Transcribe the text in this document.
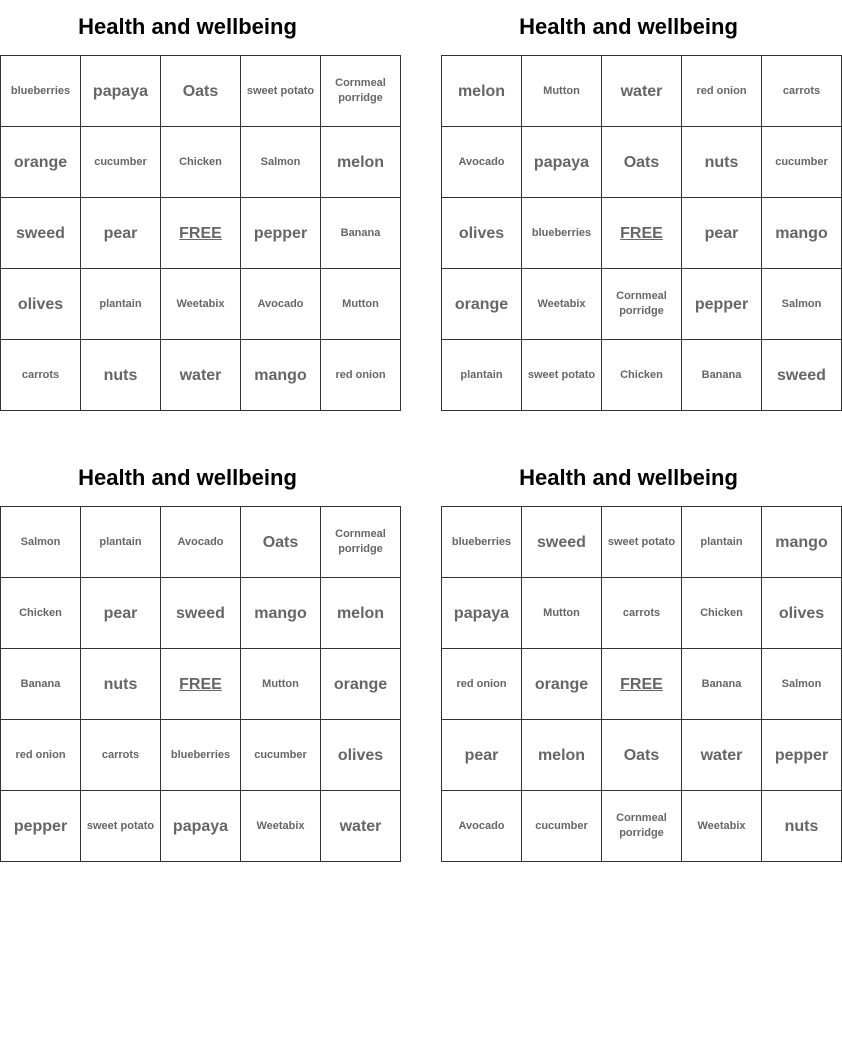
Health and wellbeing
blueberries	papaya	Oats	sweet potato	Cornmeal porridge
orange	cucumber	Chicken	Salmon	melon
sweed	pear	FREE	pepper	Banana
olives	plantain	Weetabix	Avocado	Mutton
carrots	nuts	water	mango	red onion
Health and wellbeing
melon	Mutton	water	red onion	carrots
Avocado	papaya	Oats	nuts	cucumber
olives	blueberries	FREE	pear	mango
orange	Weetabix	Cornmeal porridge	pepper	Salmon
plantain	sweet potato	Chicken	Banana	sweed
Health and wellbeing
Salmon	plantain	Avocado	Oats	Cornmeal porridge
Chicken	pear	sweed	mango	melon
Banana	nuts	FREE	Mutton	orange
red onion	carrots	blueberries	cucumber	olives
pepper	sweet potato	papaya	Weetabix	water
Health and wellbeing
blueberries	sweed	sweet potato	plantain	mango
papaya	Mutton	carrots	Chicken	olives
red onion	orange	FREE	Banana	Salmon
pear	melon	Oats	water	pepper
Avocado	cucumber	Cornmeal porridge	Weetabix	nuts
